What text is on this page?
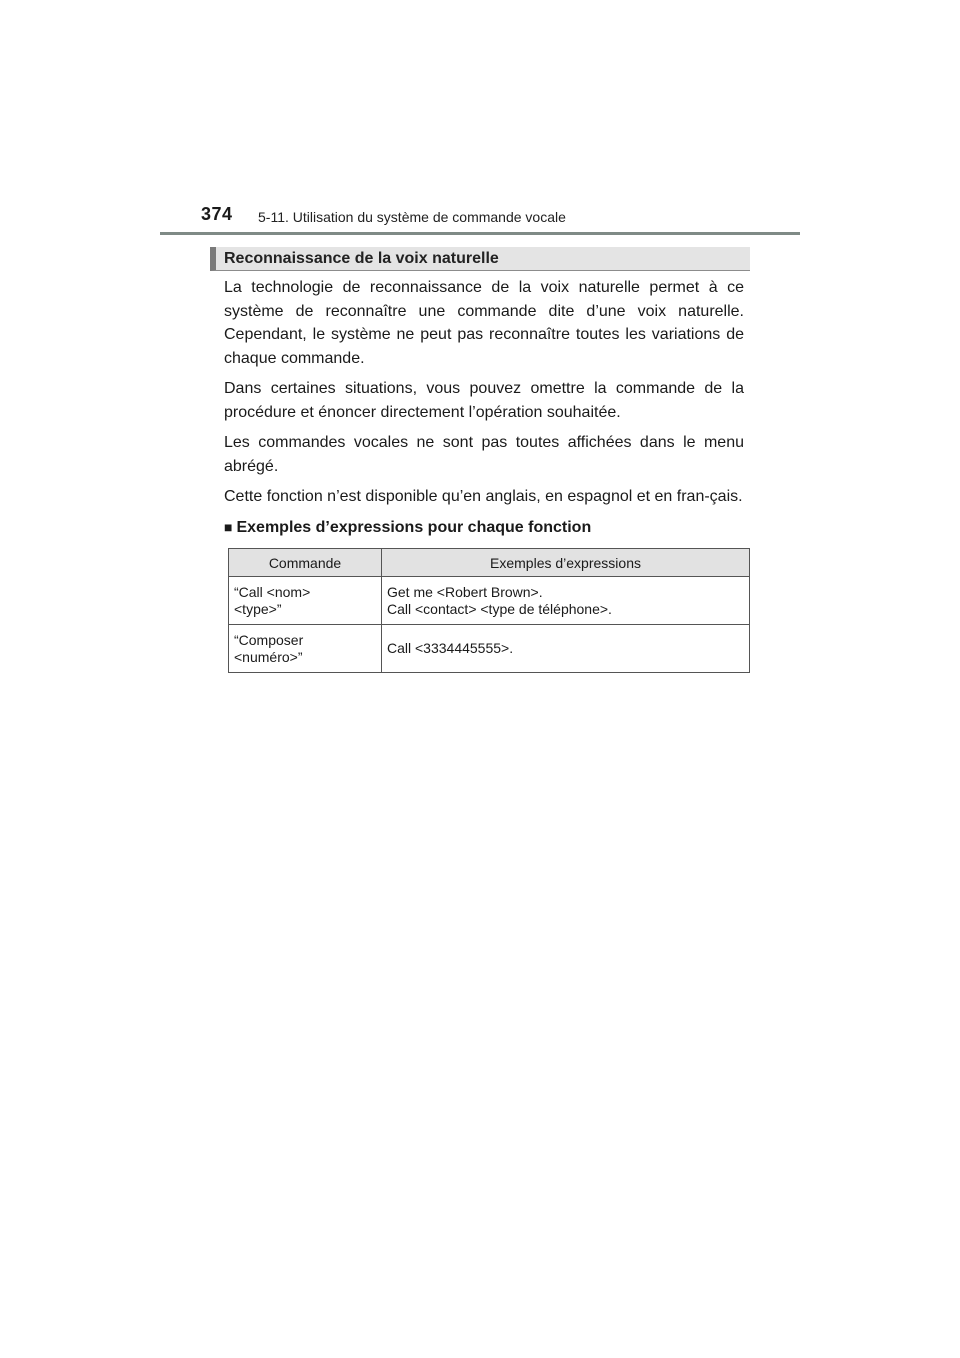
374 5-11. Utilisation du système de commande vocale
Reconnaissance de la voix naturelle

La technologie de reconnaissance de la voix naturelle permet à ce système de reconnaître une commande dite d’une voix naturelle. Cependant, le système ne peut pas reconnaître toutes les variations de chaque commande.

Dans certaines situations, vous pouvez omettre la commande de la procédure et énoncer directement l’opération souhaitée.

Les commandes vocales ne sont pas toutes affichées dans le menu abrégé.

Cette fonction n’est disponible qu’en anglais, en espagnol et en fran-çais.

■ Exemples d’expressions pour chaque fonction
Commande	Exemples d’expressions

“Call <nom>
<type>”	Get me <Robert Brown>.
Call <contact> <type de téléphone>.

“Composer
<numéro>”	Call <3334445555>.
